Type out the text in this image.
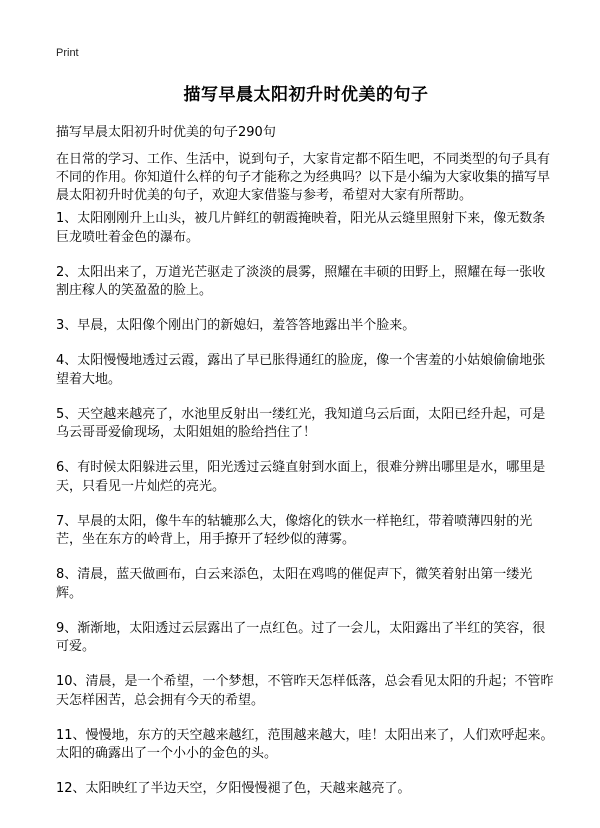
Print
描写早晨太阳初升时优美的句子
描写早晨太阳初升时优美的句子290句
在日常的学习、工作、生活中，说到句子，大家肯定都不陌生吧，不同类型的句子具有不同的作用。你知道什么样的句子才能称之为经典吗？以下是小编为大家收集的描写早晨太阳初升时优美的句子，欢迎大家借鉴与参考，希望对大家有所帮助。

1、太阳刚刚升上山头，被几片鲜红的朝霞掩映着，阳光从云缝里照射下来，像无数条巨龙喷吐着金色的瀑布。

2、太阳出来了，万道光芒驱走了淡淡的晨雾，照耀在丰硕的田野上，照耀在每一张收割庄稼人的笑盈盈的脸上。

3、早晨，太阳像个刚出门的新媳妇，羞答答地露出半个脸来。

4、太阳慢慢地透过云霞，露出了早已胀得通红的脸庞，像一个害羞的小姑娘偷偷地张望着大地。

5、天空越来越亮了，水池里反射出一缕红光，我知道乌云后面，太阳已经升起，可是乌云哥哥爱偷现场，太阳姐姐的脸给挡住了！

6、有时候太阳躲进云里，阳光透过云缝直射到水面上，很难分辨出哪里是水，哪里是天，只看见一片灿烂的亮光。

7、早晨的太阳，像牛车的轱辘那么大，像熔化的铁水一样艳红，带着喷薄四射的光芒，坐在东方的岭背上，用手撩开了轻纱似的薄雾。

8、清晨，蓝天做画布，白云来添色，太阳在鸡鸣的催促声下，微笑着射出第一缕光辉。

9、渐渐地，太阳透过云层露出了一点红色。过了一会儿，太阳露出了半红的笑容，很可爱。

10、清晨，是一个希望，一个梦想，不管昨天怎样低落，总会看见太阳的升起；不管昨天怎样困苦，总会拥有今天的希望。

11、慢慢地，东方的天空越来越红，范围越来越大，哇！太阳出来了，人们欢呼起来。太阳的确露出了一个小小的金色的头。

12、太阳映红了半边天空，夕阳慢慢褪了色，天越来越亮了。
